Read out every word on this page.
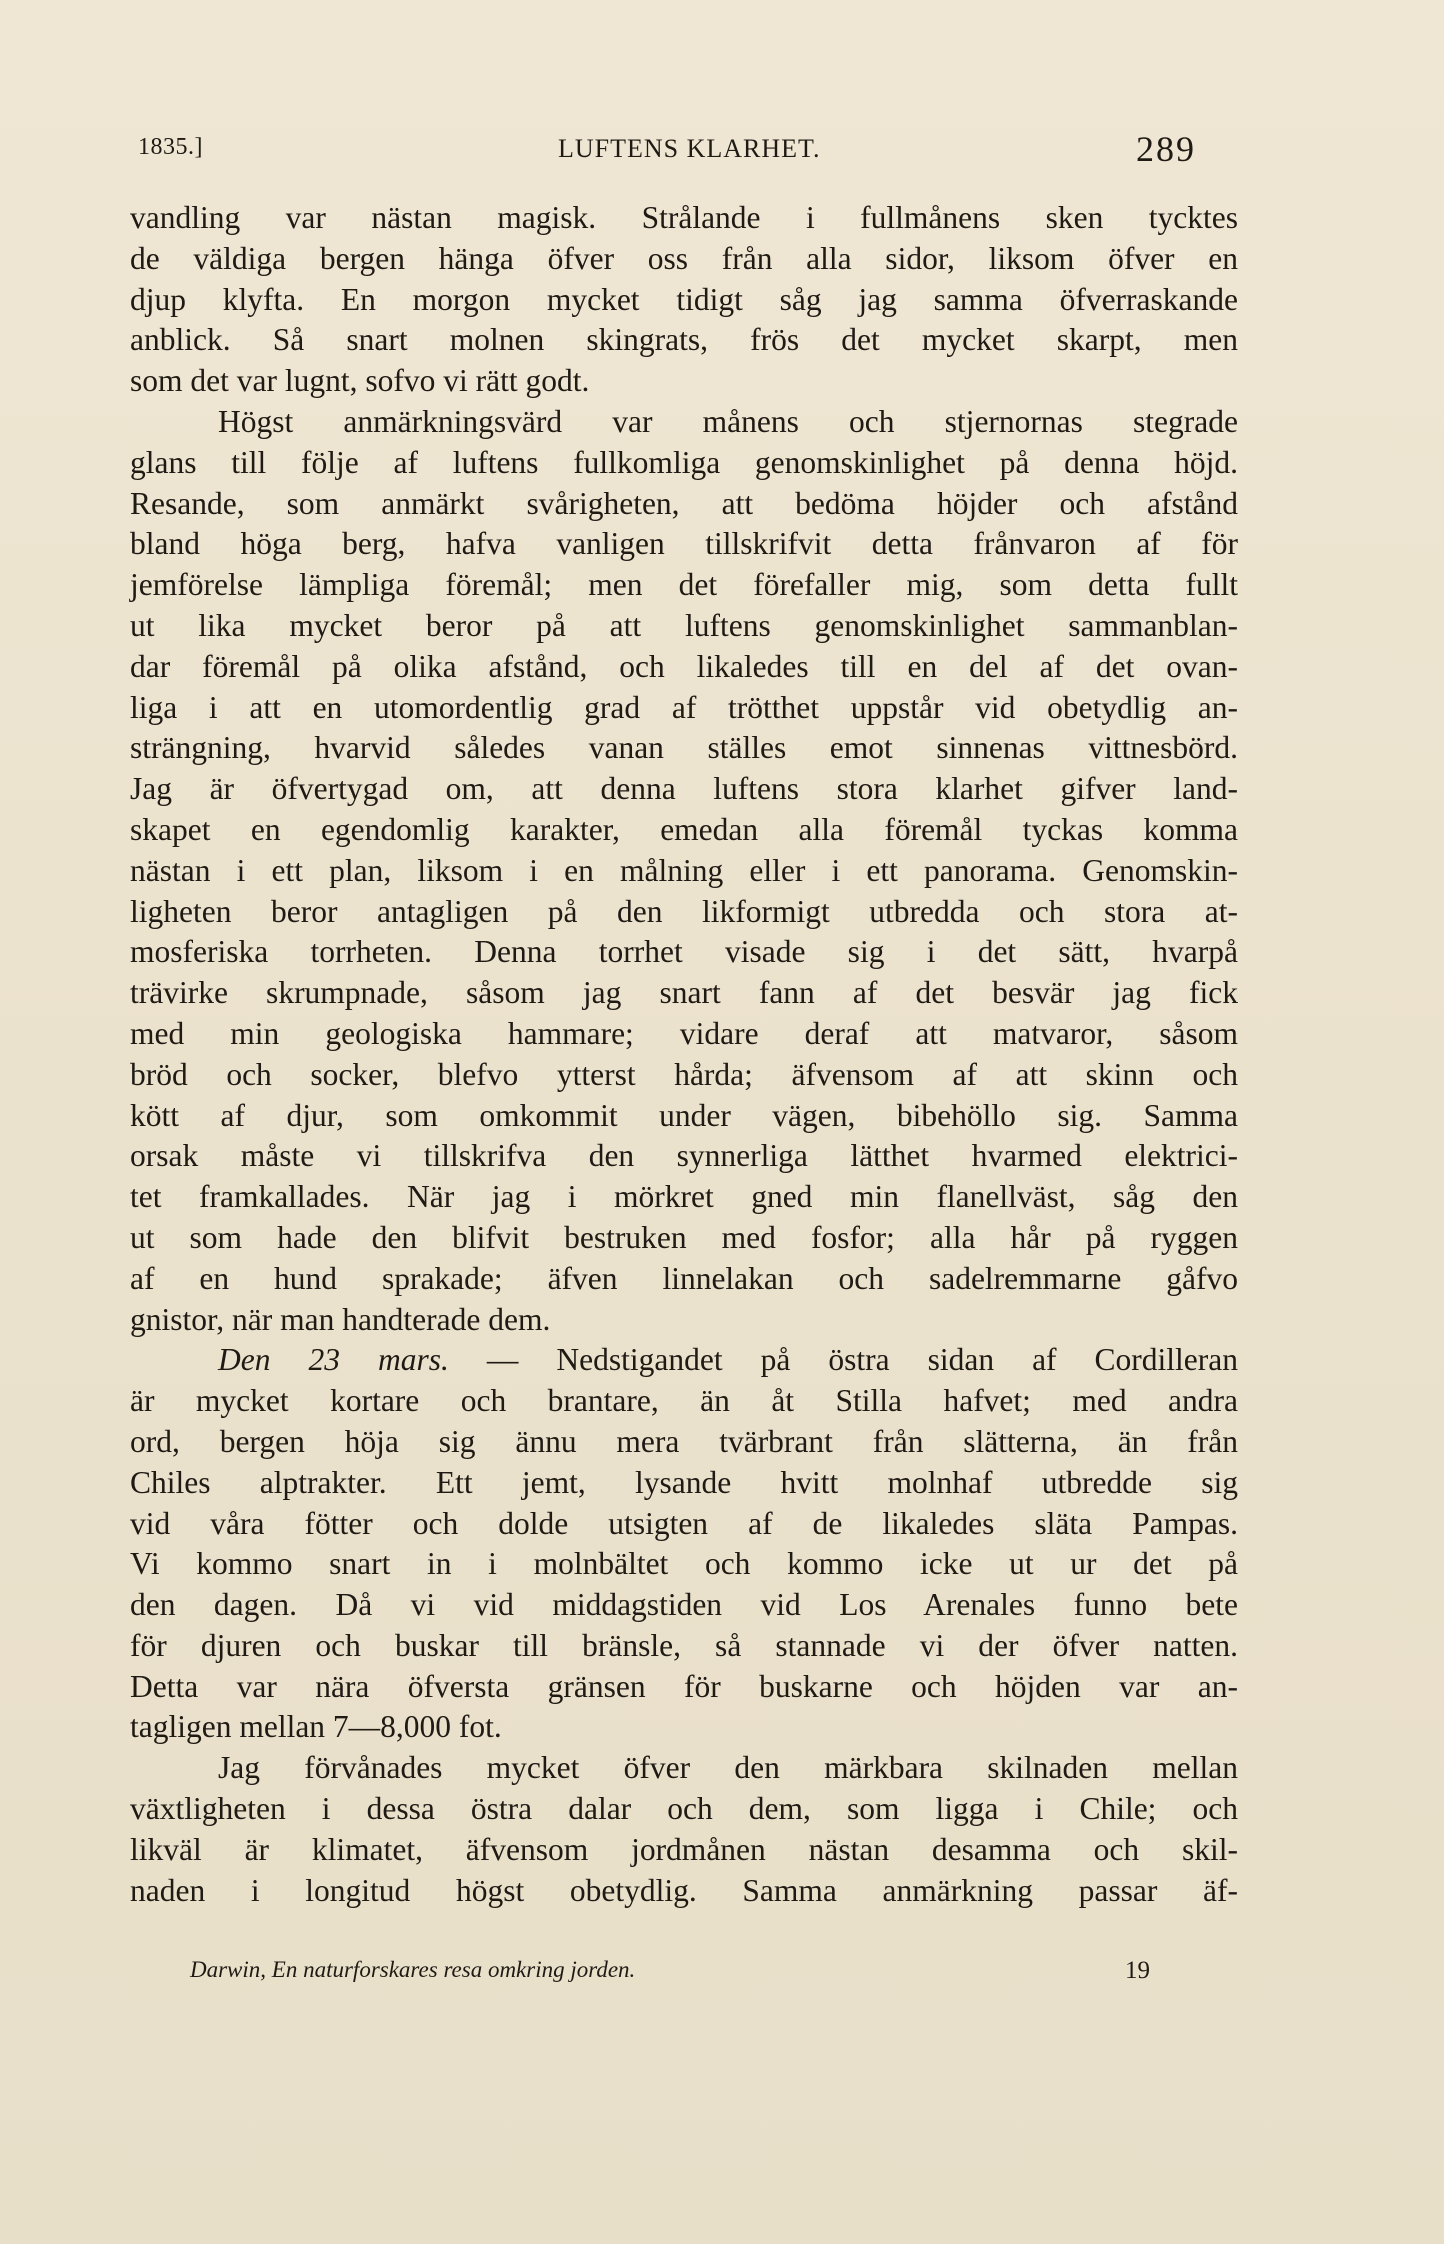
1835.]	LUFTENS KLARHET.	289
vandling var nästan magisk. Strålande i fullmånens sken tycktes
de väldiga bergen hänga öfver oss från alla sidor, liksom öfver en
djup klyfta. En morgon mycket tidigt såg jag samma öfverraskande
anblick. Så snart molnen skingrats, frös det mycket skarpt, men
som det var lugnt, sofvo vi rätt godt.
Högst anmärkningsvärd var månens och stjernornas stegrade
glans till följe af luftens fullkomliga genomskinlighet på denna höjd.
Resande, som anmärkt svårigheten, att bedöma höjder och afstånd
bland höga berg, hafva vanligen tillskrifvit detta frånvaron af för
jemförelse lämpliga föremål; men det förefaller mig, som detta fullt
ut lika mycket beror på att luftens genomskinlighet sammanblan-
dar föremål på olika afstånd, och likaledes till en del af det ovan-
liga i att en utomordentlig grad af trötthet uppstår vid obetydlig an-
strängning, hvarvid således vanan ställes emot sinnenas vittnesbörd.
Jag är öfvertygad om, att denna luftens stora klarhet gifver land-
skapet en egendomlig karakter, emedan alla föremål tyckas komma
nästan i ett plan, liksom i en målning eller i ett panorama. Genomskin-
ligheten beror antagligen på den likformigt utbredda och stora at-
mosferiska torrheten. Denna torrhet visade sig i det sätt, hvarpå
trävirke skrumpnade, såsom jag snart fann af det besvär jag fick
med min geologiska hammare; vidare deraf att matvaror, såsom
bröd och socker, blefvo ytterst hårda; äfvensom af att skinn och
kött af djur, som omkommit under vägen, bibehöllo sig. Samma
orsak måste vi tillskrifva den synnerliga lätthet hvarmed elektrici-
tet framkallades. När jag i mörkret gned min flanellväst, såg den
ut som hade den blifvit bestruken med fosfor; alla hår på ryggen
af en hund sprakade; äfven linnelakan och sadelremmarne gåfvo
gnistor, när man handterade dem.
Den 23 mars. — Nedstigandet på östra sidan af Cordilleran
är mycket kortare och brantare, än åt Stilla hafvet; med andra
ord, bergen höja sig ännu mera tvärbrant från slätterna, än från
Chiles alptrakter. Ett jemt, lysande hvitt molnhaf utbredde sig
vid våra fötter och dolde utsigten af de likaledes släta Pampas.
Vi kommo snart in i molnbältet och kommo icke ut ur det på
den dagen. Då vi vid middagstiden vid Los Arenales funno bete
för djuren och buskar till bränsle, så stannade vi der öfver natten.
Detta var nära öfversta gränsen för buskarne och höjden var an-
tagligen mellan 7—8,000 fot.
Jag förvånades mycket öfver den märkbara skilnaden mellan
växtligheten i dessa östra dalar och dem, som ligga i Chile; och
likväl är klimatet, äfvensom jordmånen nästan desamma och skil-
naden i longitud högst obetydlig. Samma anmärkning passar äf-
Darwin, En naturforskares resa omkring jorden.	19
